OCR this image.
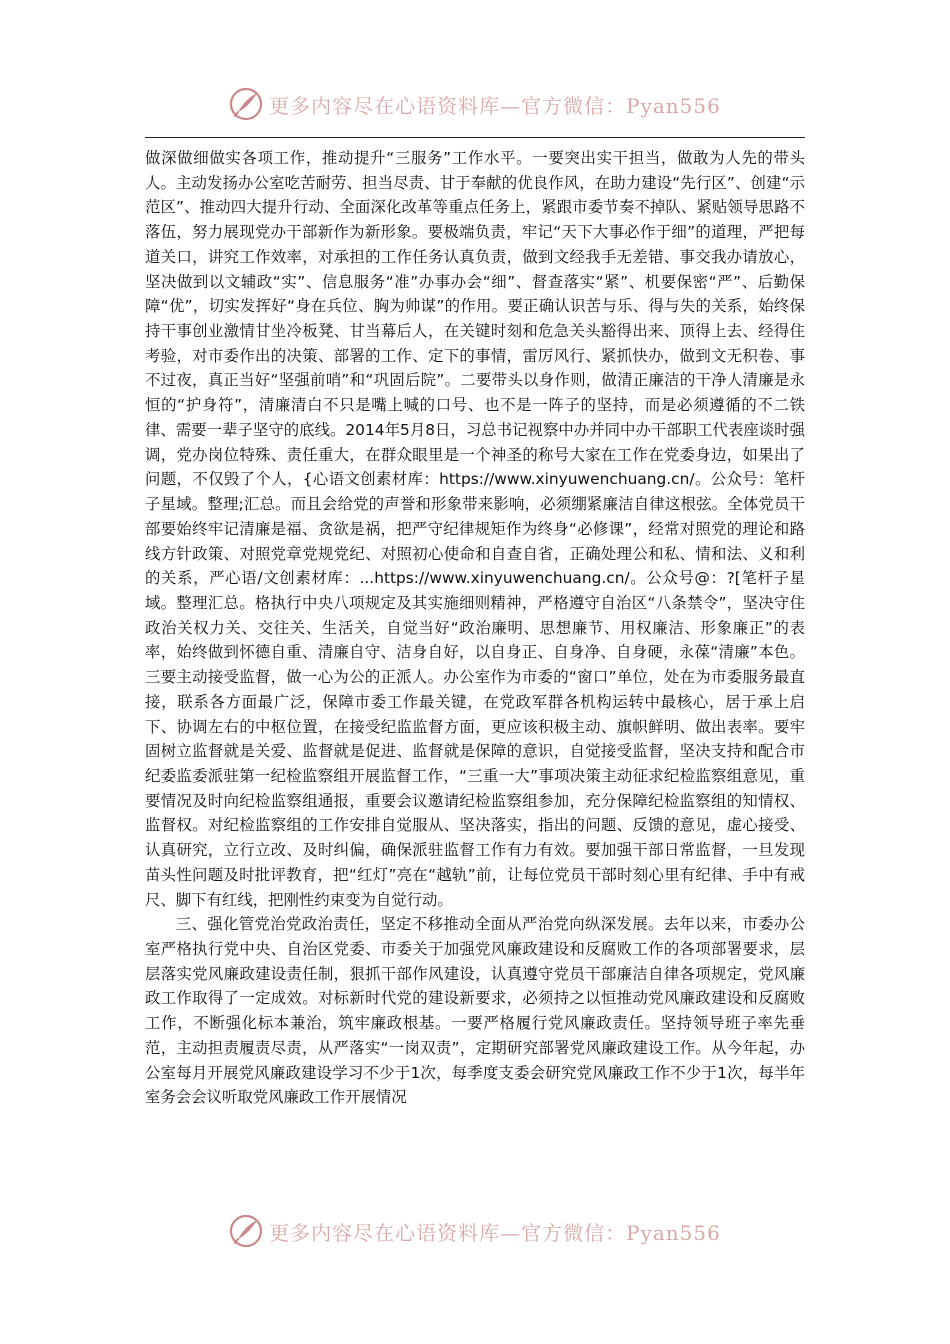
更多内容尽在心语资料库—官方微信：Pyan556

做深做细做实各项工作，推动提升“三服务”工作水平。一要突出实干担当，做敢为人先的带头人。主动发扬办公室吃苦耐劳、担当尽责、甘于奉献的优良作风，在助力建设“先行区”、创建“示范区”、推动四大提升行动、全面深化改革等重点任务上，紧跟市委节奏不掉队、紧贴领导思路不落伍，努力展现党办干部新作为新形象。要极端负责，牢记“天下大事必作于细”的道理，严把每道关口，讲究工作效率，对承担的工作任务认真负责，做到文经我手无差错、事交我办请放心，坚决做到以文辅政“实”、信息服务“准”办事办会“细”、督查落实“紧”、机要保密“严”、后勤保障“优”，切实发挥好“身在兵位、胸为帅谋”的作用。要正确认识苦与乐、得与失的关系，始终保持干事创业激情甘坐冷板凳、甘当幕后人，在关键时刻和危急关头豁得出来、顶得上去、经得住考验，对市委作出的决策、部署的工作、定下的事情，雷厉风行、紧抓快办，做到文无积卷、事不过夜，真正当好“坚强前哨”和“巩固后院”。二要带头以身作则，做清正廉洁的干净人清廉是永恒的“护身符”，清廉清白不只是嘴上喊的口号、也不是一阵子的坚持，而是必须遵循的不二铁律、需要一辈子坚守的底线。2014年5月8日，习总书记视察中办并同中办干部职工代表座谈时强调，党办岗位特殊、责任重大，在群众眼里是一个神圣的称号大家在工作在党委身边，如果出了问题，不仅毁了个人，{心语文创素材库：https://www.xinyuwenchuang.cn/。公众号：笔杆子星域。整理;汇总。而且会给党的声誉和形象带来影响，必须绷紧廉洁自律这根弦。全体党员干部要始终牢记清廉是福、贪欲是祸，把严守纪律规矩作为终身“必修课”，经常对照党的理论和路线方针政策、对照党章党规党纪、对照初心使命和自查自省，正确处理公和私、情和法、义和利的关系，严心语/文创素材库：...https://www.xinyuwenchuang.cn/。公众号@：?[笔杆子星域。整理汇总。格执行中央八项规定及其实施细则精神，严格遵守自治区“八条禁令”，坚决守住政治关权力关、交往关、生活关，自觉当好“政治廉明、思想廉节、用权廉洁、形象廉正”的表率，始终做到怀德自重、清廉自守、洁身自好，以自身正、自身净、自身硬，永葆“清廉”本色。三要主动接受监督，做一心为公的正派人。办公室作为市委的“窗口”单位，处在为市委服务最直接，联系各方面最广泛，保障市委工作最关键，在党政军群各机构运转中最核心，居于承上启下、协调左右的中枢位置，在接受纪监监督方面，更应该积极主动、旗帜鲜明、做出表率。要牢固树立监督就是关爱、监督就是促进、监督就是保障的意识，自觉接受监督，坚决支持和配合市纪委监委派驻第一纪检监察组开展监督工作，“三重一大”事项决策主动征求纪检监察组意见，重要情况及时向纪检监察组通报，重要会议邀请纪检监察组参加，充分保障纪检监察组的知情权、监督权。对纪检监察组的工作安排自觉服从、坚决落实，指出的问题、反馈的意见，虚心接受、认真研究，立行立改、及时纠偏，确保派驻监督工作有力有效。要加强干部日常监督，一旦发现苗头性问题及时批评教育，把“红灯”亮在“越轨”前，让每位党员干部时刻心里有纪律、手中有戒尺、脚下有红线，把刚性约束变为自觉行动。

三、强化管党治党政治责任，坚定不移推动全面从严治党向纵深发展。去年以来，市委办公室严格执行党中央、自治区党委、市委关于加强党风廉政建设和反腐败工作的各项部署要求，层层落实党风廉政建设责任制，狠抓干部作风建设，认真遵守党员干部廉洁自律各项规定，党风廉政工作取得了一定成效。对标新时代党的建设新要求，必须持之以恒推动党风廉政建设和反腐败工作，不断强化标本兼治，筑牢廉政根基。一要严格履行党风廉政责任。坚持领导班子率先垂范，主动担责履责尽责，从严落实“一岗双责”，定期研究部署党风廉政建设工作。从今年起，办公室每月开展党风廉政建设学习不少于1次，每季度支委会研究党风廉政工作不少于1次，每半年室务会会议听取党风廉政工作开展情况

更多内容尽在心语资料库—官方微信：Pyan556
